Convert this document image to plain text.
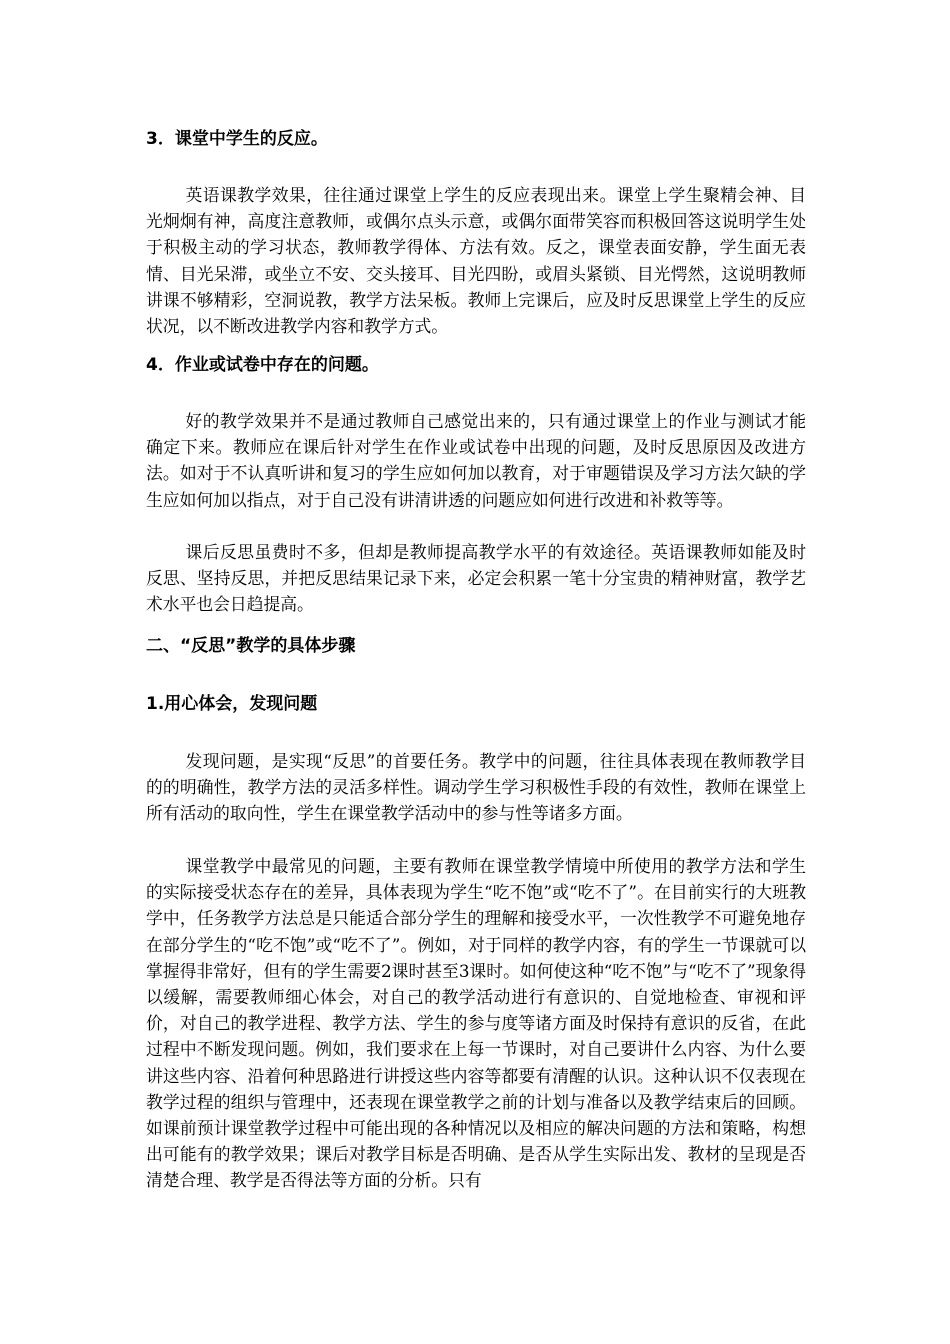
3．课堂中学生的反应。
英语课教学效果，往往通过课堂上学生的反应表现出来。课堂上学生聚精会神、目光炯炯有神，高度注意教师，或偶尔点头示意，或偶尔面带笑容而积极回答这说明学生处于积极主动的学习状态，教师教学得体、方法有效。反之，课堂表面安静，学生面无表情、目光呆滞，或坐立不安、交头接耳、目光四盼，或眉头紧锁、目光愕然，这说明教师讲课不够精彩，空洞说教，教学方法呆板。教师上完课后，应及时反思课堂上学生的反应状况，以不断改进教学内容和教学方式。
4．作业或试卷中存在的问题。
好的教学效果并不是通过教师自己感觉出来的，只有通过课堂上的作业与测试才能确定下来。教师应在课后针对学生在作业或试卷中出现的问题，及时反思原因及改进方法。如对于不认真听讲和复习的学生应如何加以教育，对于审题错误及学习方法欠缺的学生应如何加以指点，对于自己没有讲清讲透的问题应如何进行改进和补救等等。
课后反思虽费时不多，但却是教师提高教学水平的有效途径。英语课教师如能及时反思、坚持反思，并把反思结果记录下来，必定会积累一笔十分宝贵的精神财富，教学艺术水平也会日趋提高。
二、“反思”教学的具体步骤
1.用心体会，发现问题
发现问题，是实现“反思”的首要任务。教学中的问题，往往具体表现在教师教学目的的明确性，教学方法的灵活多样性。调动学生学习积极性手段的有效性，教师在课堂上所有活动的取向性，学生在课堂教学活动中的参与性等诸多方面。
课堂教学中最常见的问题，主要有教师在课堂教学情境中所使用的教学方法和学生的实际接受状态存在的差异，具体表现为学生“吃不饱”或“吃不了”。在目前实行的大班教学中，任务教学方法总是只能适合部分学生的理解和接受水平，一次性教学不可避免地存在部分学生的“吃不饱”或“吃不了”。例如，对于同样的教学内容，有的学生一节课就可以掌握得非常好，但有的学生需要2课时甚至3课时。如何使这种“吃不饱”与“吃不了”现象得以缓解，需要教师细心体会，对自己的教学活动进行有意识的、自觉地检查、审视和评价，对自己的教学进程、教学方法、学生的参与度等诸方面及时保持有意识的反省，在此过程中不断发现问题。例如，我们要求在上每一节课时，对自己要讲什么内容、为什么要讲这些内容、沿着何种思路进行讲授这些内容等都要有清醒的认识。这种认识不仅表现在教学过程的组织与管理中，还表现在课堂教学之前的计划与准备以及教学结束后的回顾。如课前预计课堂教学过程中可能出现的各种情况以及相应的解决问题的方法和策略，构想出可能有的教学效果；课后对教学目标是否明确、是否从学生实际出发、教材的呈现是否清楚合理、教学是否得法等方面的分析。只有
